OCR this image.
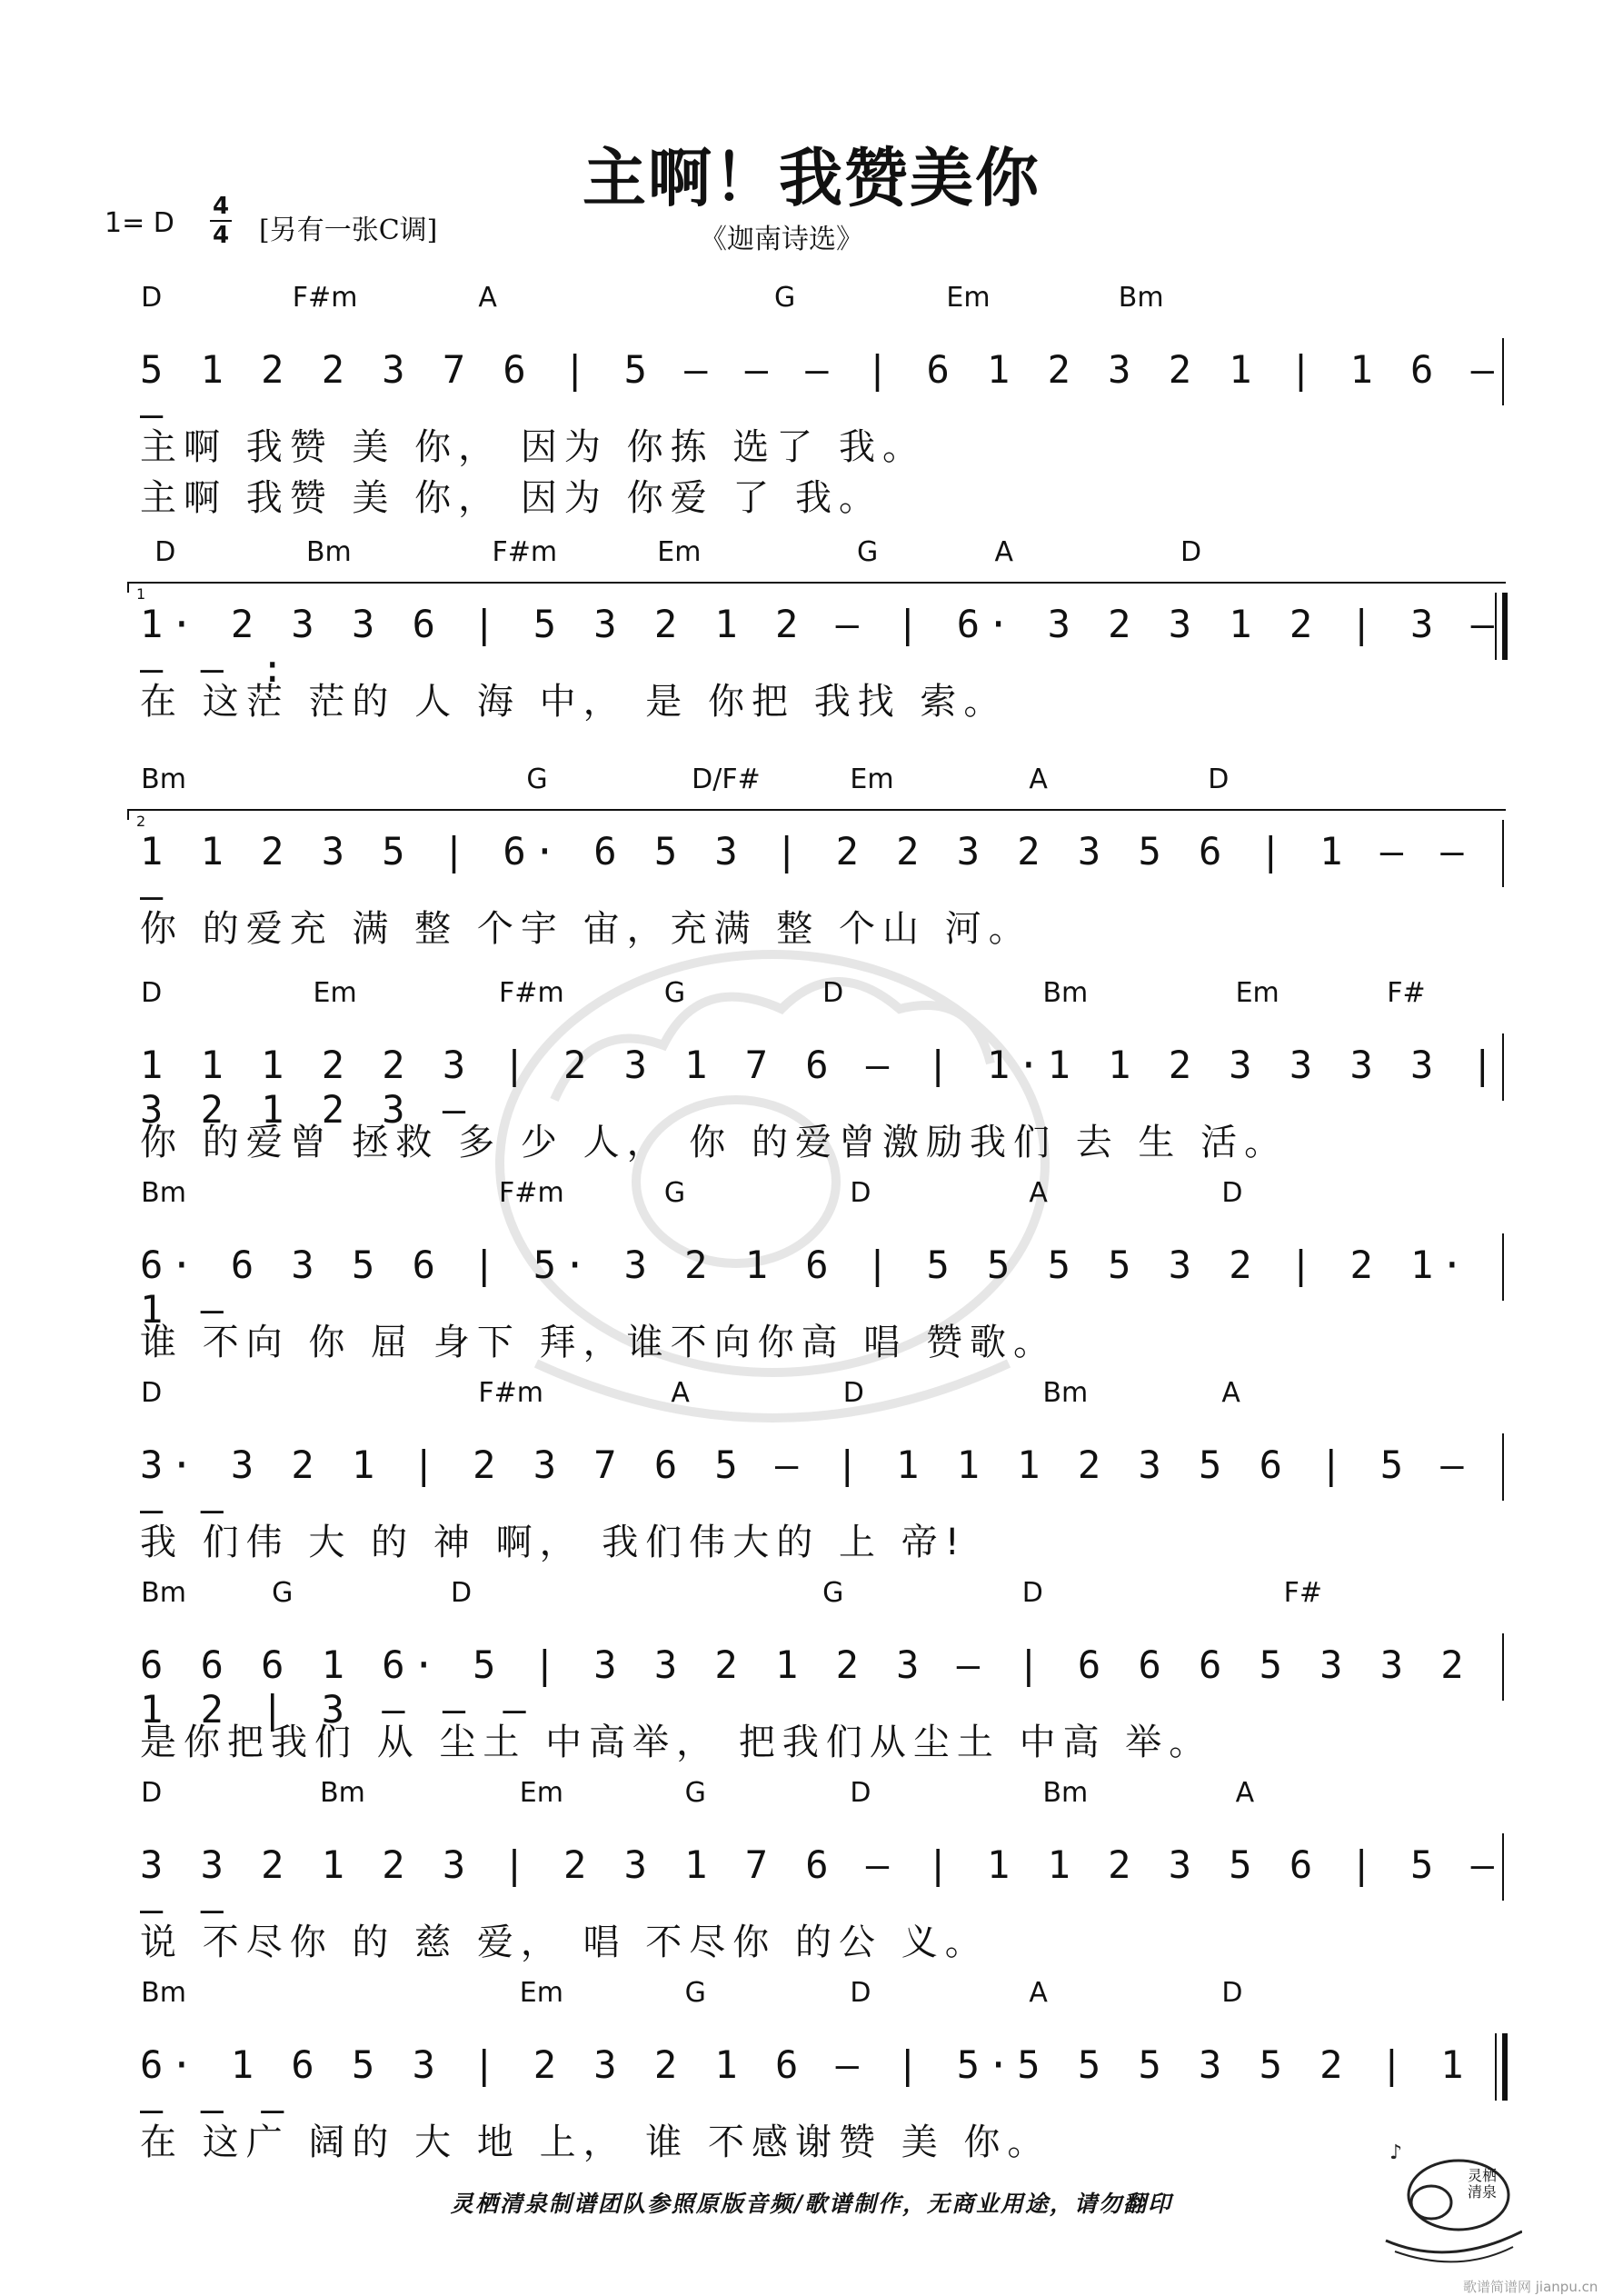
主啊！我赞美你
1= D
4
4 [另有一张C调]	《迦南诗选》
D	F#m	A	G	Em	Bm
5 1 2 2 3 7 6 | 5 – – – | 6 1 2 3 2 1 | 1 6 – –
主啊 我赞 美 你， 因为 你拣 选了 我。
主啊 我赞 美 你， 因为 你爱 了 我。
D	Bm	F#m	Em	G	A	D
1
1· 2 3 3 6 | 5 3 2 1 2 – | 6· 3 2 3 1 2 | 3 – – – :
在 这茫 茫的 人 海 中， 是 你把 我找 索。
Bm	G	D/F#	Em	A	D
2
1 1 2 3 5 | 6· 6 5 3 | 2 2 3 2 3 5 6 | 1 – – –
你 的爱充 满 整 个宇 宙，充满 整 个山 河。
D	Em	F#m	G	D	Bm	Em	F#
1 1 1 2 2 3 | 2 3 1 7 6 – | 1·1 1 2 3 3 3 3 | 3 2 1 2 3 –
你 的爱曾 拯救 多 少 人， 你 的爱曾激励我们 去 生 活。
Bm	F#m	G	D	A	D
6· 6 3 5 6 | 5· 3 2 1 6 | 5 5 5 5 3 2 | 2 1· 1 –
谁 不向 你 屈 身下 拜，谁不向你高 唱 赞歌。
D	F#m	A	D	Bm	A
3· 3 2 1 | 2 3 7 6 5 – | 1 1 1 2 3 5 6 | 5 – – –
我 们伟 大 的 神 啊， 我们伟大的 上 帝!
Bm	G	D	G	D	F#
6 6 6 1 6· 5 | 3 3 2 1 2 3 – | 6 6 6 5 3 3 2 1 2 | 3 – – –
是你把我们 从 尘土 中高举， 把我们从尘土 中高 举。
D	Bm	Em	G	D	Bm	A
3 3 2 1 2 3 | 2 3 1 7 6 – | 1 1 2 3 5 6 | 5 – – –
说 不尽你 的 慈 爱， 唱 不尽你 的公 义。
Bm	Em	G	D	A	D
6· 1 6 5 3 | 2 3 2 1 6 – | 5·5 5 5 3 5 2 | 1 – – –
在 这广 阔的 大 地 上， 谁 不感谢赞 美 你。	♪
灵栖清泉
灵栖清泉制谱团队参照原版音频/歌谱制作，无商业用途，请勿翻印
歌谱简谱网 jianpu.cn
